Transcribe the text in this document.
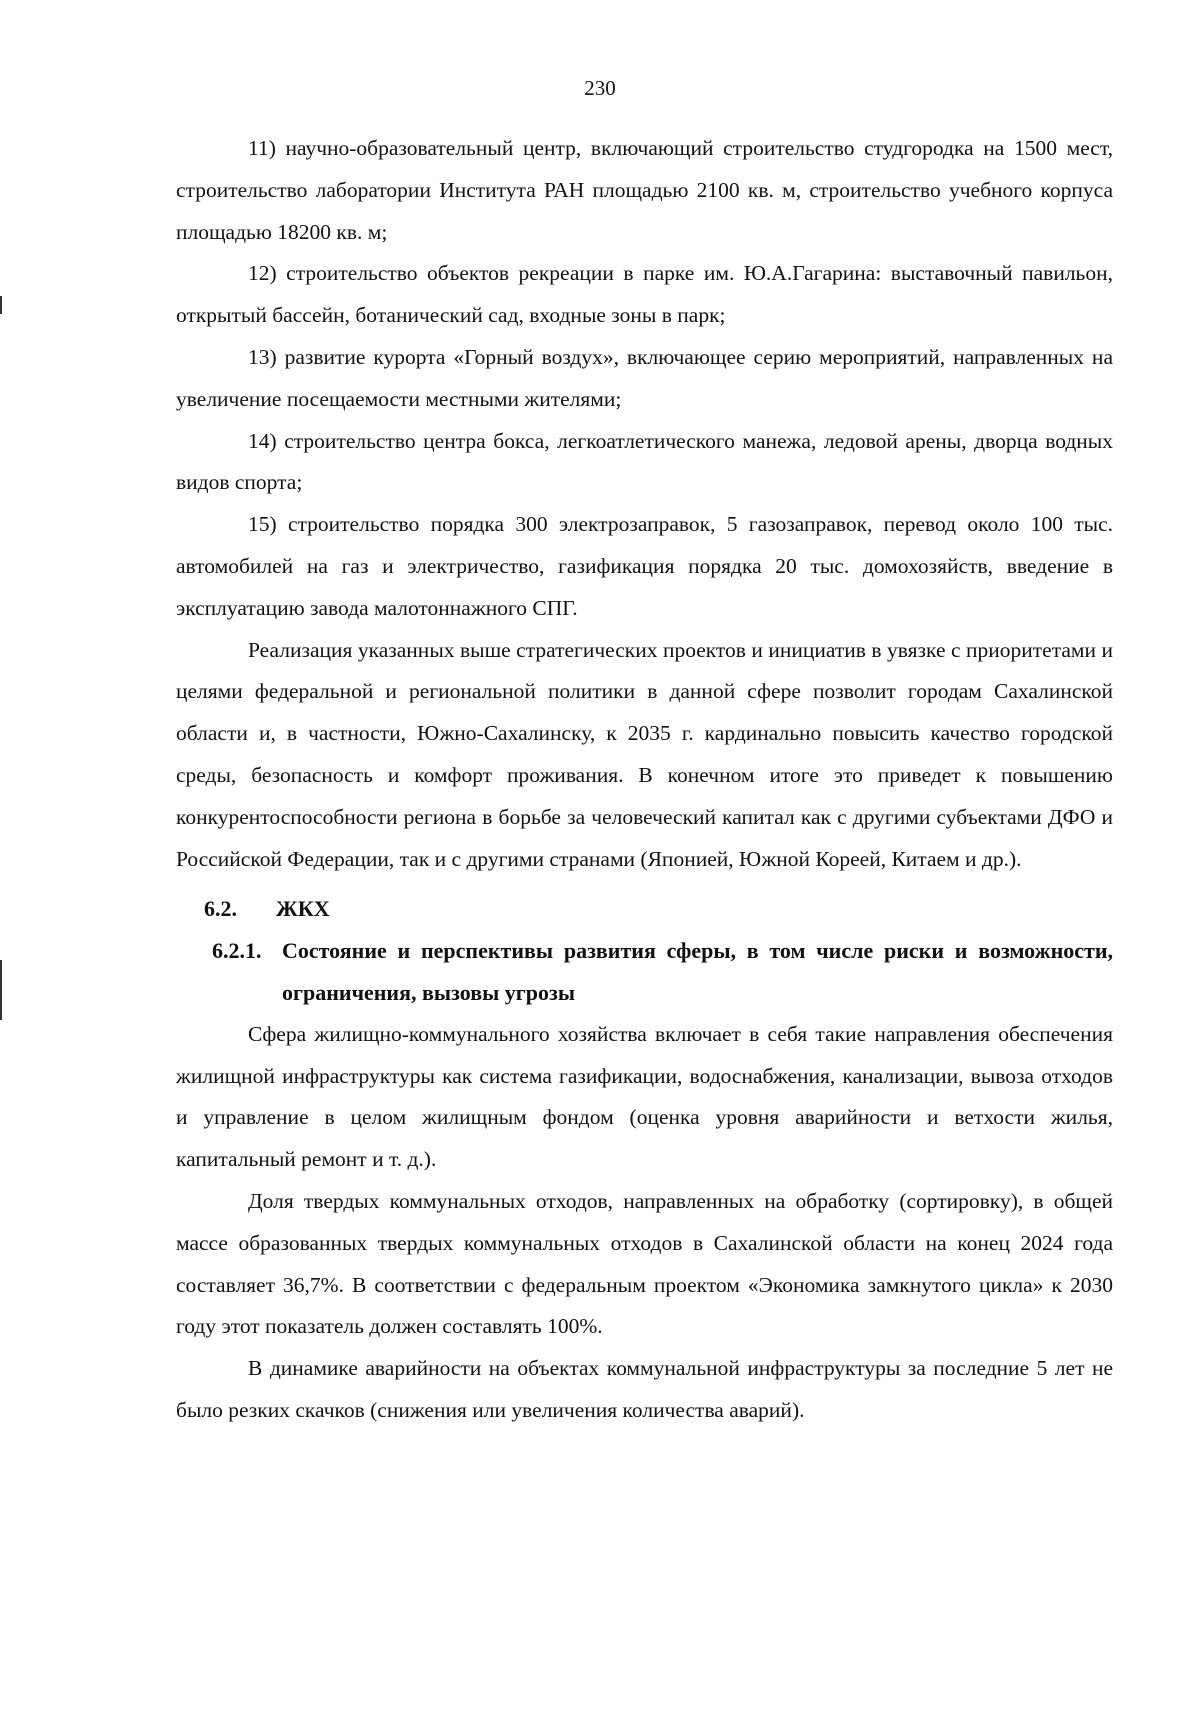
230

11) научно-образовательный центр, включающий строительство студгородка на 1500 мест, строительство лаборатории Института РАН площадью 2100 кв. м, строительство учебного корпуса площадью 18200 кв. м;

12) строительство объектов рекреации в парке им. Ю.А.Гагарина: выставочный павильон, открытый бассейн, ботанический сад, входные зоны в парк;

13) развитие курорта «Горный воздух», включающее серию мероприятий, направленных на увеличение посещаемости местными жителями;

14) строительство центра бокса, легкоатлетического манежа, ледовой арены, дворца водных видов спорта;

15) строительство порядка 300 электрозаправок, 5 газозаправок, перевод около 100 тыс. автомобилей на газ и электричество, газификация порядка 20 тыс. домохозяйств, введение в эксплуатацию завода малотоннажного СПГ.

Реализация указанных выше стратегических проектов и инициатив в увязке с приоритетами и целями федеральной и региональной политики в данной сфере позволит городам Сахалинской области и, в частности, Южно-Сахалинску, к 2035 г. кардинально повысить качество городской среды, безопасность и комфорт проживания. В конечном итоге это приведет к повышению конкурентоспособности региона в борьбе за человеческий капитал как с другими субъектами ДФО и Российской Федерации, так и с другими странами (Японией, Южной Кореей, Китаем и др.).

6.2. ЖКХ

6.2.1. Состояние и перспективы развития сферы, в том числе риски и возможности, ограничения, вызовы угрозы

Сфера жилищно-коммунального хозяйства включает в себя такие направления обеспечения жилищной инфраструктуры как система газификации, водоснабжения, канализации, вывоза отходов и управление в целом жилищным фондом (оценка уровня аварийности и ветхости жилья, капитальный ремонт и т. д.).

Доля твердых коммунальных отходов, направленных на обработку (сортировку), в общей массе образованных твердых коммунальных отходов в Сахалинской области на конец 2024 года составляет 36,7%. В соответствии с федеральным проектом «Экономика замкнутого цикла» к 2030 году этот показатель должен составлять 100%.

В динамике аварийности на объектах коммунальной инфраструктуры за последние 5 лет не было резких скачков (снижения или увеличения количества аварий).
